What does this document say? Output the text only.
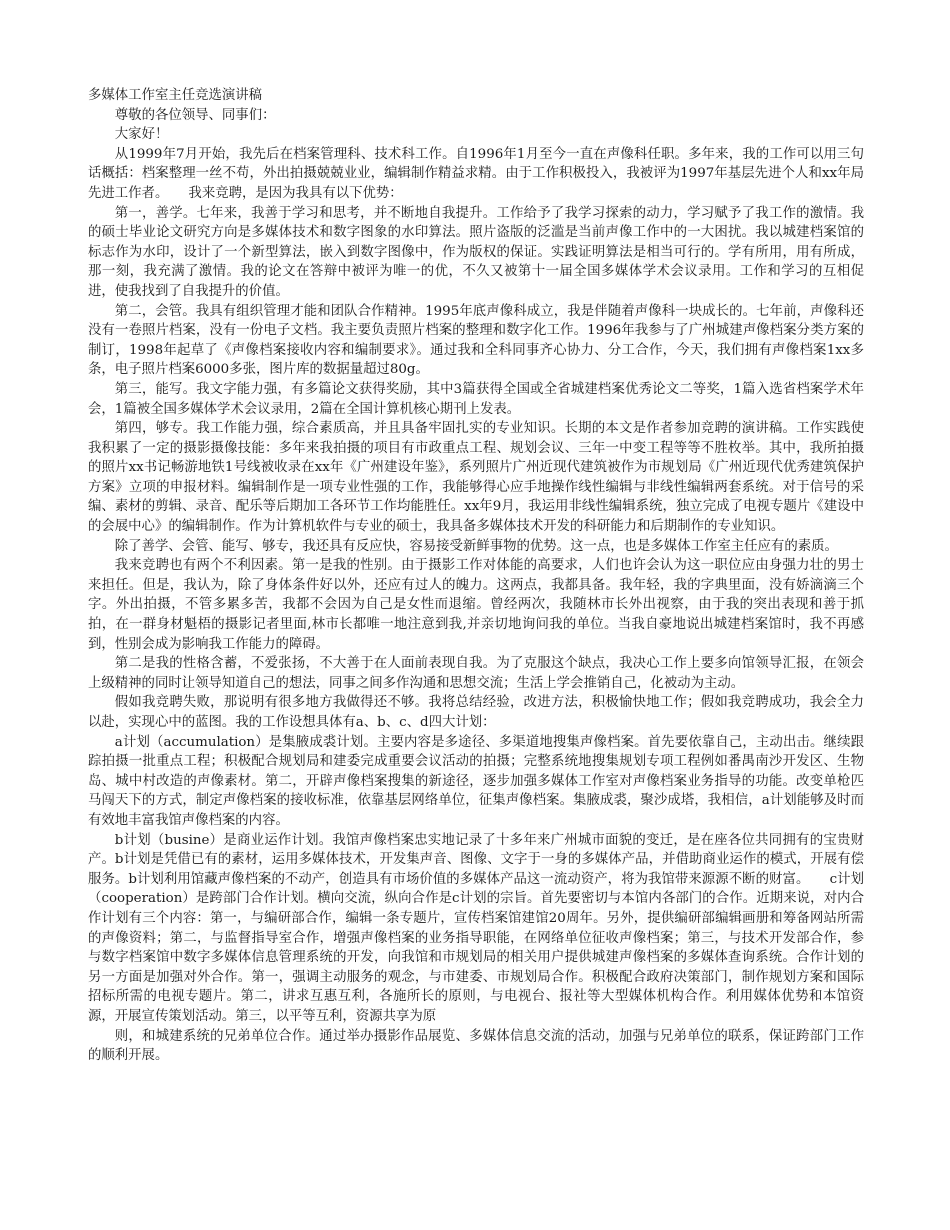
多媒体工作室主任竞选演讲稿

尊敬的各位领导、同事们：

大家好！

从1999年7月开始，我先后在档案管理科、技术科工作。自1996年1月至今一直在声像科任职。多年来，我的工作可以用三句话概括：档案整理一丝不苟，外出拍摄兢兢业业，编辑制作精益求精。由于工作积极投入，我被评为1997年基层先进个人和xx年局先进工作者。　　我来竞聘，是因为我具有以下优势：

第一，善学。七年来，我善于学习和思考，并不断地自我提升。工作给予了我学习探索的动力，学习赋予了我工作的激情。我的硕士毕业论文研究方向是多媒体技术和数字图象的水印算法。照片盗版的泛滥是当前声像工作中的一大困扰。我以城建档案馆的标志作为水印，设计了一个新型算法，嵌入到数字图像中，作为版权的保证。实践证明算法是相当可行的。学有所用，用有所成，那一刻，我充满了激情。我的论文在答辩中被评为唯一的优，不久又被第十一届全国多媒体学术会议录用。工作和学习的互相促进，使我找到了自我提升的价值。

第二，会管。我具有组织管理才能和团队合作精神。1995年底声像科成立，我是伴随着声像科一块成长的。七年前，声像科还没有一卷照片档案，没有一份电子文档。我主要负责照片档案的整理和数字化工作。1996年我参与了广州城建声像档案分类方案的制订，1998年起草了《声像档案接收内容和编制要求》。通过我和全科同事齐心协力、分工合作，今天，我们拥有声像档案1xx多条，电子照片档案6000多张，图片库的数据量超过80g。

第三，能写。我文字能力强，有多篇论文获得奖励，其中3篇获得全国或全省城建档案优秀论文二等奖，1篇入选省档案学术年会，1篇被全国多媒体学术会议录用，2篇在全国计算机核心期刊上发表。

第四，够专。我工作能力强，综合素质高，并且具备牢固扎实的专业知识。长期的本文是作者参加竞聘的演讲稿。工作实践使我积累了一定的摄影摄像技能：多年来我拍摄的项目有市政重点工程、规划会议、三年一中变工程等等不胜枚举。其中，我所拍摄的照片xx书记畅游地铁1号线被收录在xx年《广州建设年鉴》，系列照片广州近现代建筑被作为市规划局《广州近现代优秀建筑保护方案》立项的申报材料。编辑制作是一项专业性强的工作，我能够得心应手地操作线性编辑与非线性编辑两套系统。对于信号的采编、素材的剪辑、录音、配乐等后期加工各环节工作均能胜任。xx年9月，我运用非线性编辑系统，独立完成了电视专题片《建设中的会展中心》的编辑制作。作为计算机软件与专业的硕士，我具备多媒体技术开发的科研能力和后期制作的专业知识。

除了善学、会管、能写、够专，我还具有反应快，容易接受新鲜事物的优势。这一点，也是多媒体工作室主任应有的素质。

我来竞聘也有两个不利因素。第一是我的性别。由于摄影工作对体能的高要求，人们也许会认为这一职位应由身强力壮的男士来担任。但是，我认为，除了身体条件好以外，还应有过人的魄力。这两点，我都具备。我年轻，我的字典里面，没有娇滴滴三个字。外出拍摄，不管多累多苦，我都不会因为自己是女性而退缩。曾经两次，我随林市长外出视察，由于我的突出表现和善于抓拍，在一群身材魁梧的摄影记者里面,林市长都唯一地注意到我,并亲切地询问我的单位。当我自豪地说出城建档案馆时，我不再感到，性别会成为影响我工作能力的障碍。

第二是我的性格含蓄，不爱张扬，不大善于在人面前表现自我。为了克服这个缺点，我决心工作上要多向馆领导汇报，在领会上级精神的同时让领导知道自己的想法，同事之间多作沟通和思想交流；生活上学会推销自己，化被动为主动。

假如我竞聘失败，那说明有很多地方我做得还不够。我将总结经验，改进方法，积极愉快地工作；假如我竞聘成功，我会全力以赴，实现心中的蓝图。我的工作设想具体有a、b、c、d四大计划：

a计划（accumulation）是集腋成裘计划。主要内容是多途径、多渠道地搜集声像档案。首先要依靠自己，主动出击。继续跟踪拍摄一批重点工程；积极配合规划局和建委完成重要会议活动的拍摄；完整系统地搜集规划专项工程例如番禺南沙开发区、生物岛、城中村改造的声像素材。第二，开辟声像档案搜集的新途径，逐步加强多媒体工作室对声像档案业务指导的功能。改变单枪匹马闯天下的方式，制定声像档案的接收标准，依靠基层网络单位，征集声像档案。集腋成裘，聚沙成塔，我相信，a计划能够及时而有效地丰富我馆声像档案的内容。

b计划（busine）是商业运作计划。我馆声像档案忠实地记录了十多年来广州城市面貌的变迁，是在座各位共同拥有的宝贵财产。b计划是凭借已有的素材，运用多媒体技术，开发集声音、图像、文字于一身的多媒体产品，并借助商业运作的模式，开展有偿服务。b计划利用馆藏声像档案的不动产，创造具有市场价值的多媒体产品这一流动资产，将为我馆带来源源不断的财富。　　c计划（cooperation）是跨部门合作计划。横向交流，纵向合作是c计划的宗旨。首先要密切与本馆内各部门的合作。近期来说，对内合作计划有三个内容：第一，与编研部合作，编辑一条专题片，宣传档案馆建馆20周年。另外，提供编研部编辑画册和筹备网站所需的声像资料；第二，与监督指导室合作，增强声像档案的业务指导职能，在网络单位征收声像档案；第三，与技术开发部合作，参与数字档案馆中数字多媒体信息管理系统的开发，向我馆和市规划局的相关用户提供城建声像档案的多媒体查询系统。合作计划的另一方面是加强对外合作。第一，强调主动服务的观念，与市建委、市规划局合作。积极配合政府决策部门，制作规划方案和国际招标所需的电视专题片。第二，讲求互惠互利，各施所长的原则，与电视台、报社等大型媒体机构合作。利用媒体优势和本馆资源，开展宣传策划活动。第三，以平等互利，资源共享为原

则，和城建系统的兄弟单位合作。通过举办摄影作品展览、多媒体信息交流的活动，加强与兄弟单位的联系，保证跨部门工作的顺利开展。
